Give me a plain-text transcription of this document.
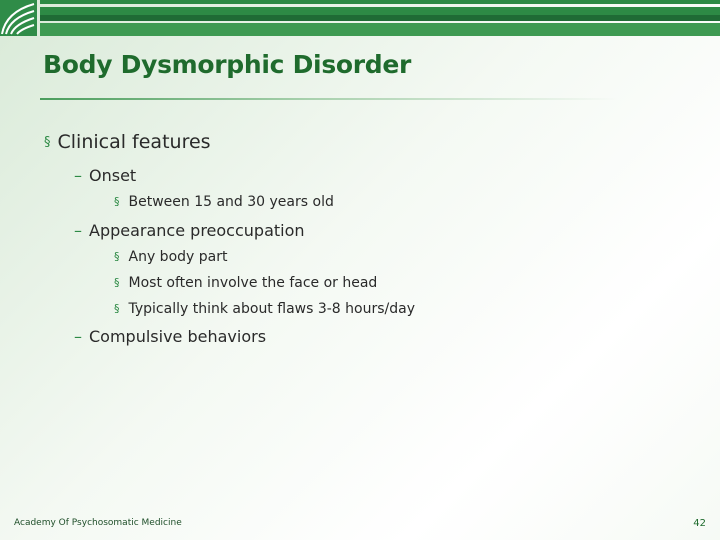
Body Dysmorphic Disorder
§ Clinical features
– Onset
§ Between 15 and 30 years old
– Appearance preoccupation
§ Any body part
§ Most often involve the face or head
§ Typically think about flaws 3-8 hours/day
– Compulsive behaviors
Academy Of Psychosomatic Medicine	42
